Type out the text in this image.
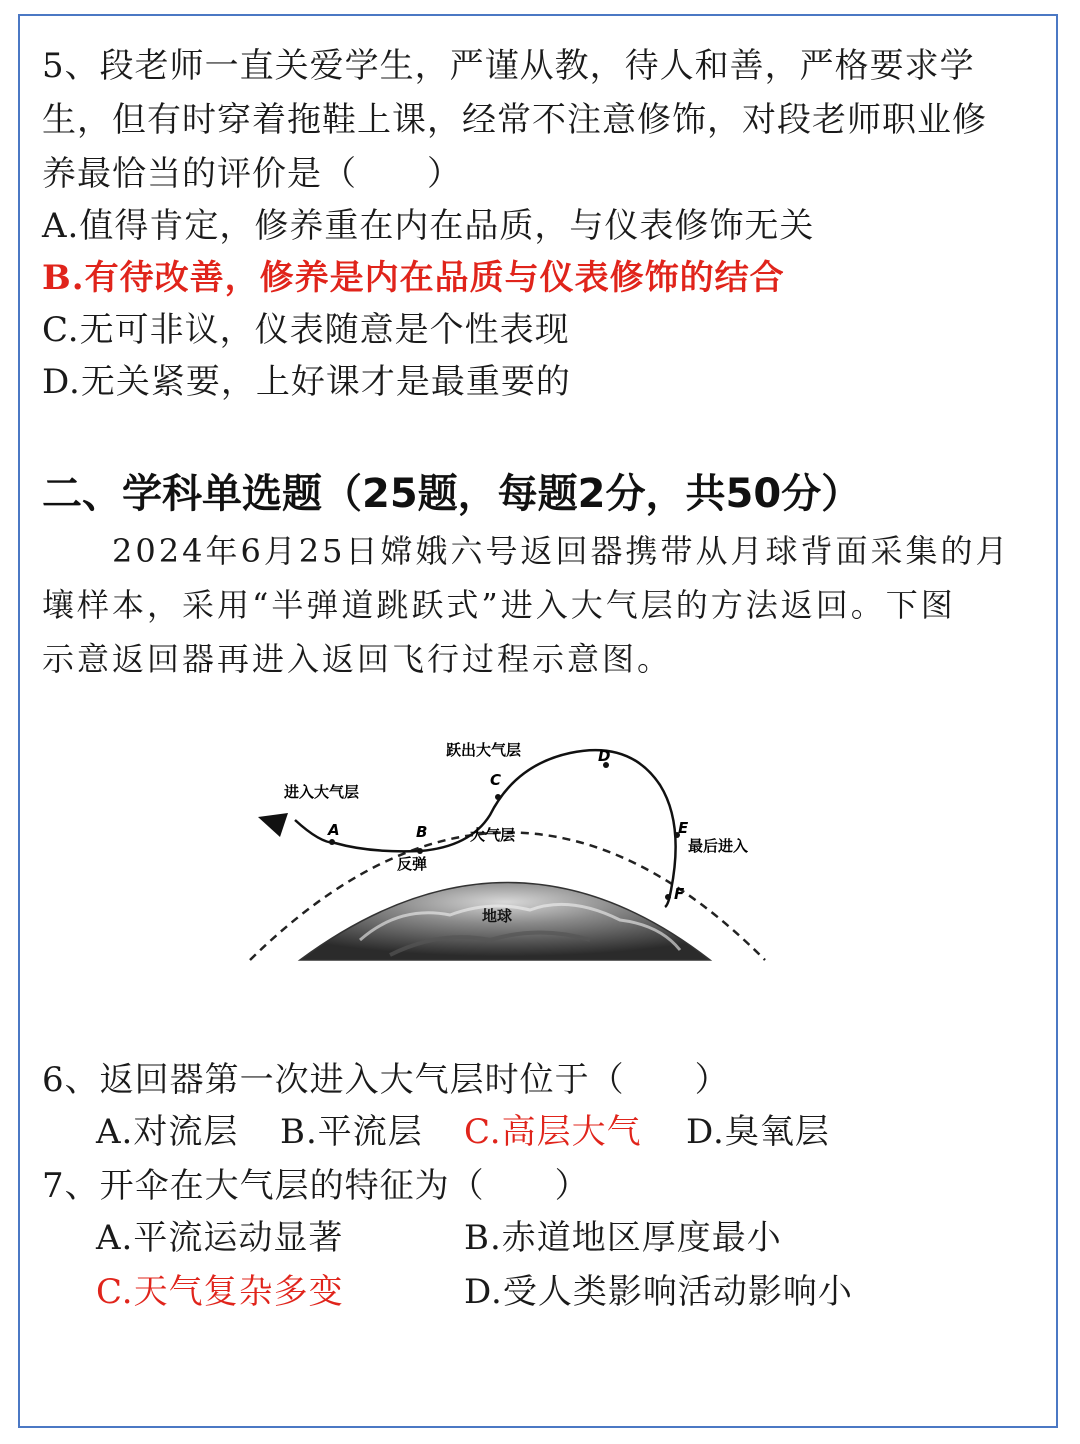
5、段老师一直关爱学生，严谨从教，待人和善，严格要求学
生，但有时穿着拖鞋上课，经常不注意修饰，对段老师职业修
养最恰当的评价是（　　）
A.值得肯定，修养重在内在品质，与仪表修饰无关
B.有待改善，修养是内在品质与仪表修饰的结合
C.无可非议，仪表随意是个性表现
D.无关紧要，上好课才是最重要的
二、学科单选题（25题，每题2分，共50分）
　　2024年6月25日嫦娥六号返回器携带从月球背面采集的月
壤样本，采用“半弹道跳跃式”进入大气层的方法返回。下图
示意返回器再进入返回飞行过程示意图。
进入大气层
跃出大气层
大气层
反弹
最后进入
地球
A	B
C
D
E
F
6、返回器第一次进入大气层时位于（　　）
A.对流层 B.平流层 C.高层大气 D.臭氧层
7、开伞在大气层的特征为（　　）
A.平流运动显著	B.赤道地区厚度最小
C.天气复杂多变	D.受人类影响活动影响小
